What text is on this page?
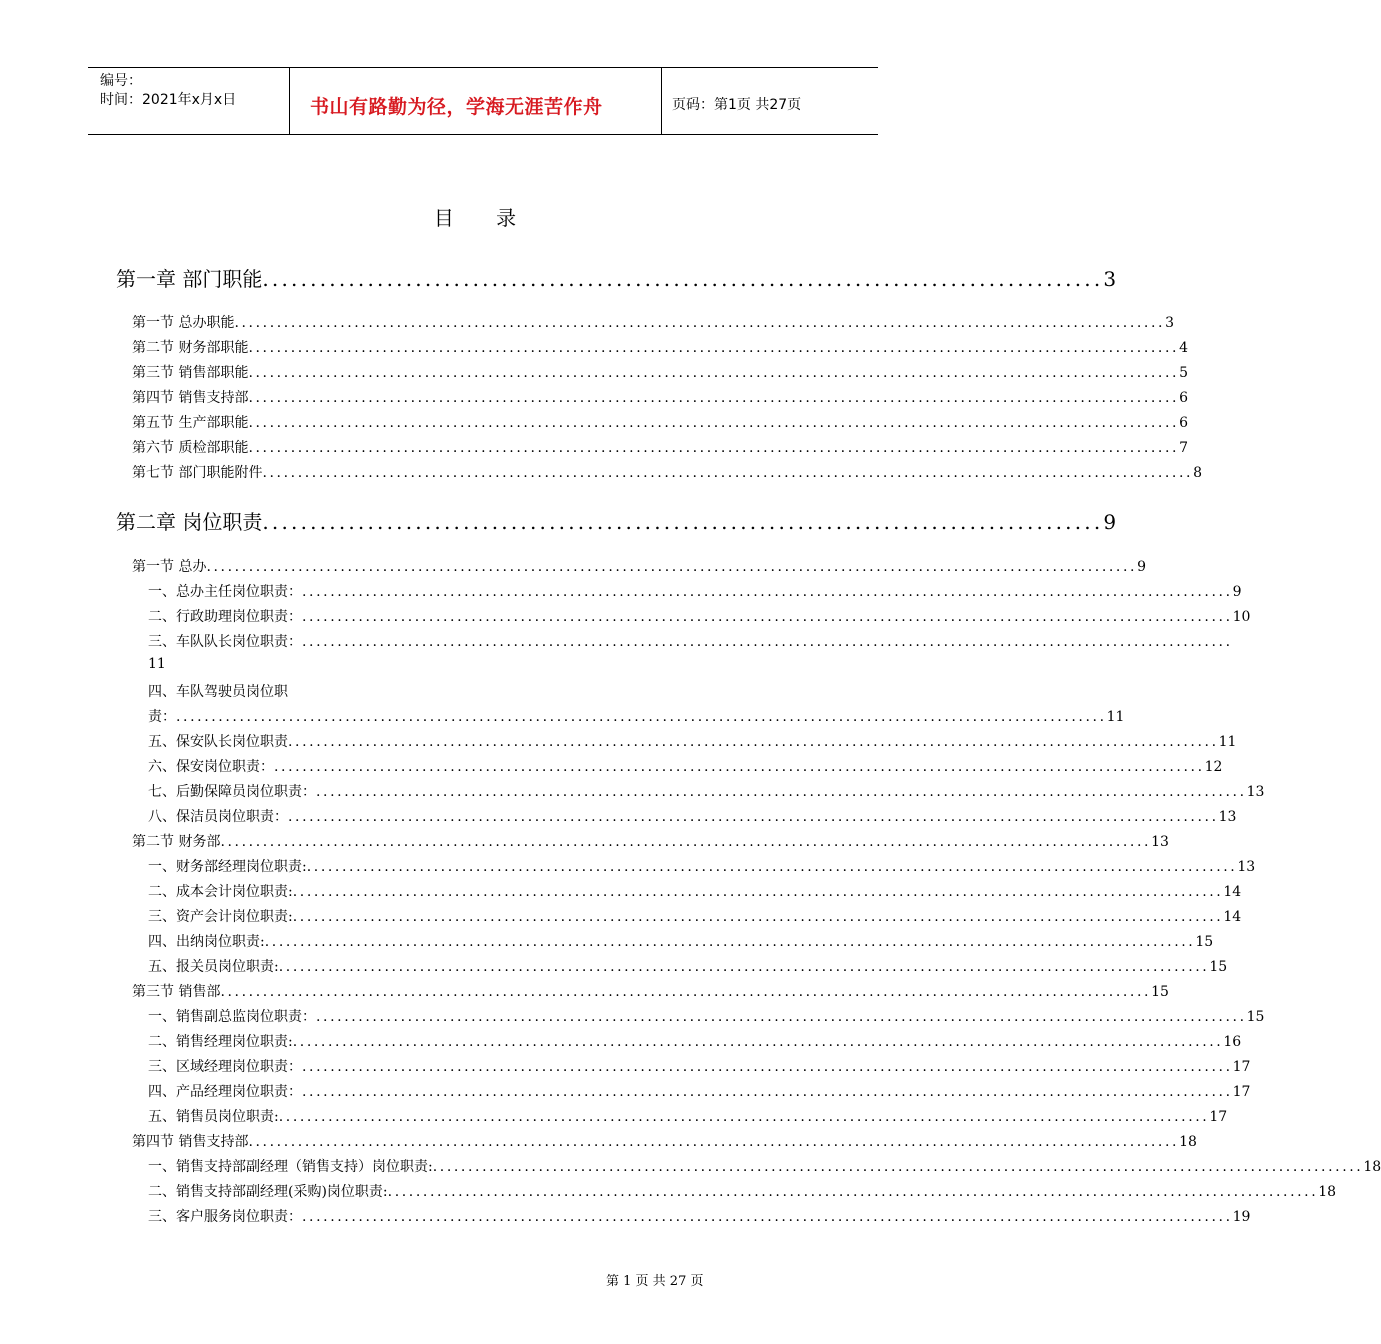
编号：
时间：2021年x月x日	书山有路勤为径，学海无涯苦作舟	页码：第1页 共27页
目 录
第一章 部门职能 ........................................................................................ 3
第一节 总办职能 .................................................................................................................................... 3
第二节 财务部职能 .................................................................................................................................... 4
第三节 销售部职能 .................................................................................................................................... 5
第四节 销售支持部 .................................................................................................................................... 6
第五节 生产部职能 .................................................................................................................................... 6
第六节 质检部职能 .................................................................................................................................... 7
第七节 部门职能附件 .................................................................................................................................... 8
第二章 岗位职责 ........................................................................................ 9
第一节 总办 .................................................................................................................................... 9
一、总办主任岗位职责： .................................................................................................................................... 9
二、行政助理岗位职责： .................................................................................................................................... 10
三、车队队长岗位职责： ....................................................................................................................................
11
四、车队驾驶员岗位职
责： .................................................................................................................................... 11
五、保安队长岗位职责 .................................................................................................................................... 11
六、保安岗位职责： .................................................................................................................................... 12
七、后勤保障员岗位职责： .................................................................................................................................... 13
八、保洁员岗位职责： .................................................................................................................................... 13
第二节 财务部 .................................................................................................................................... 13
一、财务部经理岗位职责: .................................................................................................................................... 13
二、成本会计岗位职责: .................................................................................................................................... 14
三、资产会计岗位职责: .................................................................................................................................... 14
四、出纳岗位职责: .................................................................................................................................... 15
五、报关员岗位职责: .................................................................................................................................... 15
第三节 销售部 .................................................................................................................................... 15
一、销售副总监岗位职责： .................................................................................................................................... 15
二、销售经理岗位职责: .................................................................................................................................... 16
三、区域经理岗位职责： .................................................................................................................................... 17
四、产品经理岗位职责： .................................................................................................................................... 17
五、销售员岗位职责: .................................................................................................................................... 17
第四节 销售支持部 .................................................................................................................................... 18
一、销售支持部副经理（销售支持）岗位职责: .................................................................................................................................... 18
二、销售支持部副经理(采购)岗位职责: .................................................................................................................................... 18
三、客户服务岗位职责： .................................................................................................................................... 19
第 1 页 共 27 页
